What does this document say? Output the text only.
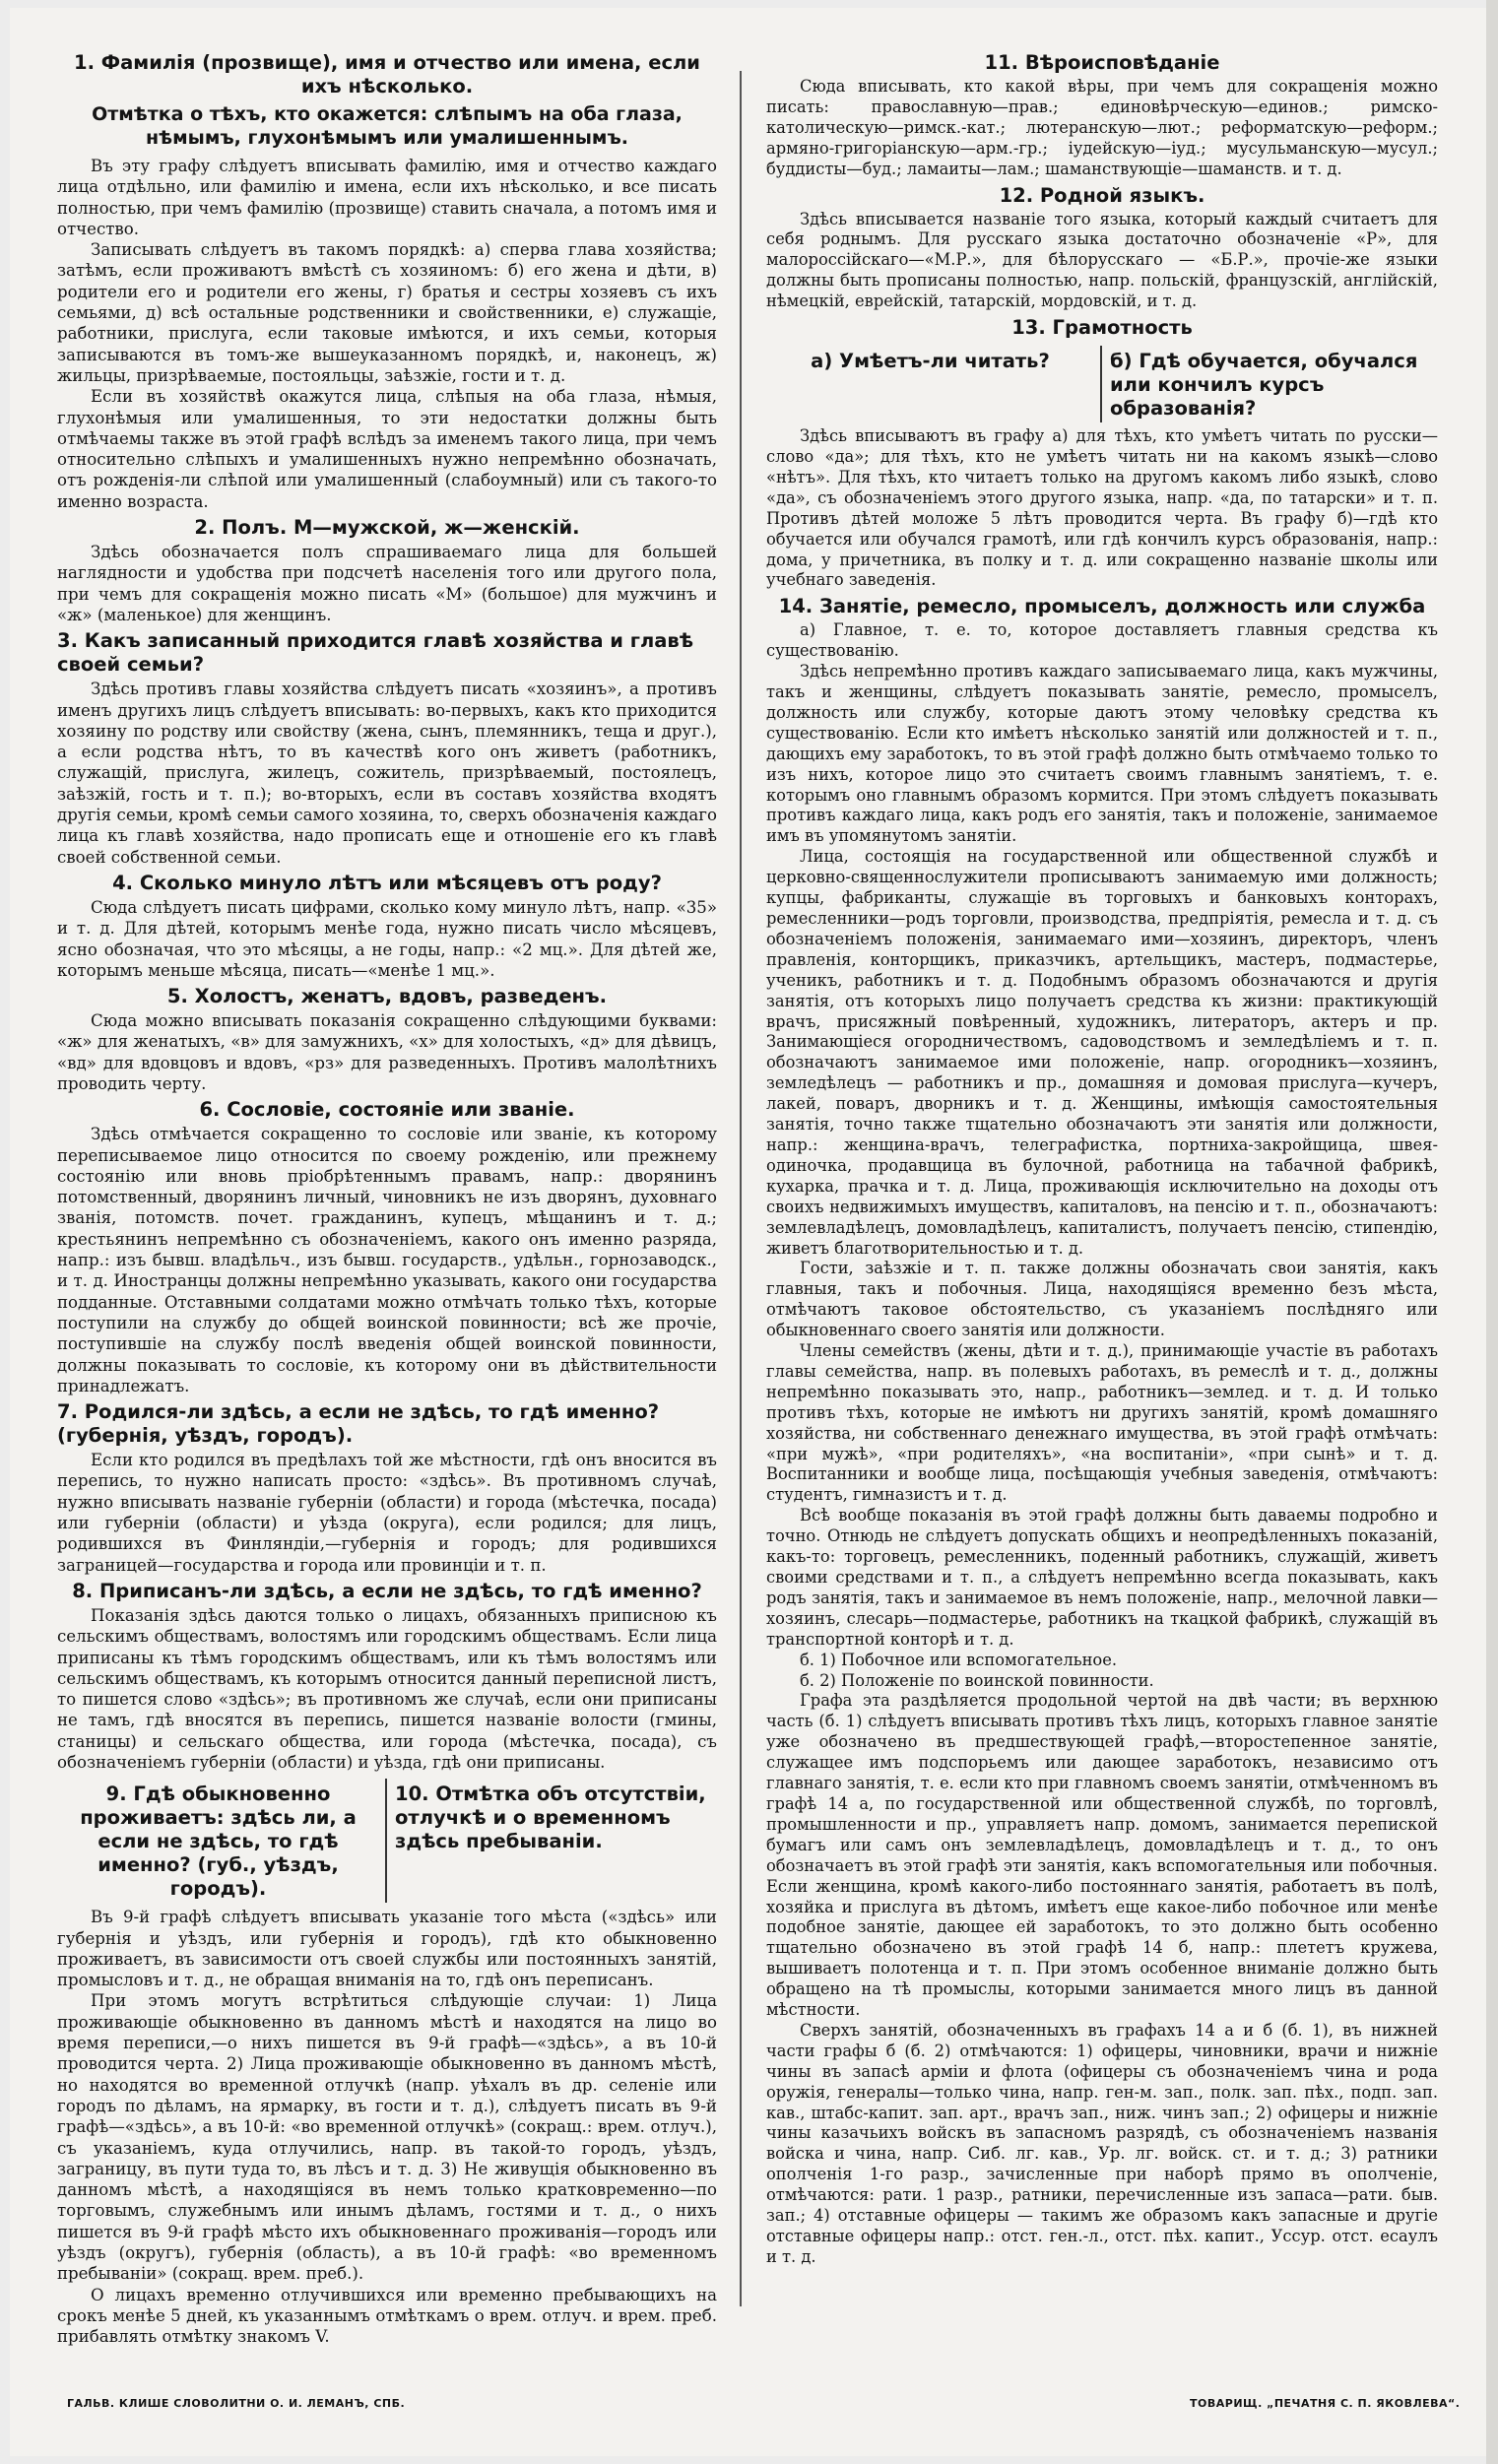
1. Фамилія (прозвище), имя и отчество или имена, если ихъ нѣсколько.
Отмѣтка о тѣхъ, кто окажется: слѣпымъ на оба глаза, нѣмымъ, глухонѣмымъ или умалишеннымъ.

Въ эту графу слѣдуетъ вписывать фамилію, имя и отчество каждаго лица отдѣльно, или фамилію и имена, если ихъ нѣсколько, и все писать полностью, при чемъ фамилію (прозвище) ставить сначала, а потомъ имя и отчество.

Записывать слѣдуетъ въ такомъ порядкѣ: а) сперва глава хозяйства; затѣмъ, если проживаютъ вмѣстѣ съ хозяиномъ: б) его жена и дѣти, в) родители его и родители его жены, г) братья и сестры хозяевъ съ ихъ семьями, д) всѣ остальные родственники и свойственники, е) служащіе, работники, прислуга, если таковые имѣются, и ихъ семьи, которыя записываются въ томъ-же вышеуказанномъ порядкѣ, и, наконецъ, ж) жильцы, призрѣваемые, постояльцы, заѣзжіе, гости и т. д.

Если въ хозяйствѣ окажутся лица, слѣпыя на оба глаза, нѣмыя, глухонѣмыя или умалишенныя, то эти недостатки должны быть отмѣчаемы также въ этой графѣ вслѣдъ за именемъ такого лица, при чемъ относительно слѣпыхъ и умалишенныхъ нужно непремѣнно обозначать, отъ рожденія-ли слѣпой или умалишенный (слабоумный) или съ такого-то именно возраста.

2. Полъ. М—мужской, ж—женскій.

Здѣсь обозначается полъ спрашиваемаго лица для большей наглядности и удобства при подсчетѣ населенія того или другого пола, при чемъ для сокращенія можно писать «М» (большое) для мужчинъ и «ж» (маленькое) для женщинъ.

3. Какъ записанный приходится главѣ хозяйства и главѣ своей семьи?

Здѣсь противъ главы хозяйства слѣдуетъ писать «хозяинъ», а противъ именъ другихъ лицъ слѣдуетъ вписывать: во-первыхъ, какъ кто приходится хозяину по родству или свойству (жена, сынъ, племянникъ, теща и друг.), а если родства нѣтъ, то въ качествѣ кого онъ живетъ (работникъ, служащій, прислуга, жилецъ, сожитель, призрѣваемый, постоялецъ, заѣзжій, гость и т. п.); во-вторыхъ, если въ составъ хозяйства входятъ другія семьи, кромѣ семьи самого хозяина, то, сверхъ обозначенія каждаго лица къ главѣ хозяйства, надо прописать еще и отношеніе его къ главѣ своей собственной семьи.

4. Сколько минуло лѣтъ или мѣсяцевъ отъ роду?

Сюда слѣдуетъ писать цифрами, сколько кому минуло лѣтъ, напр. «35» и т. д. Для дѣтей, которымъ менѣе года, нужно писать число мѣсяцевъ, ясно обозначая, что это мѣсяцы, а не годы, напр.: «2 мц.». Для дѣтей же, которымъ меньше мѣсяца, писать—«менѣе 1 мц.».

5. Холостъ, женатъ, вдовъ, разведенъ.

Сюда можно вписывать показанія сокращенно слѣдующими буквами: «ж» для женатыхъ, «в» для замужнихъ, «х» для холостыхъ, «д» для дѣвицъ, «вд» для вдовцовъ и вдовъ, «рз» для разведенныхъ. Противъ малолѣтнихъ проводить черту.

6. Сословіе, состояніе или званіе.

Здѣсь отмѣчается сокращенно то сословіе или званіе, къ которому переписываемое лицо относится по своему рожденію, или прежнему состоянію или вновь пріобрѣтеннымъ правамъ, напр.: дворянинъ потомственный, дворянинъ личный, чиновникъ не изъ дворянъ, духовнаго званія, потомств. почет. гражданинъ, купецъ, мѣщанинъ и т. д.; крестьянинъ непремѣнно съ обозначеніемъ, какого онъ именно разряда, напр.: изъ бывш. владѣльч., изъ бывш. государств., удѣльн., горнозаводск., и т. д. Иностранцы должны непремѣнно указывать, какого они государства подданные. Отставными солдатами можно отмѣчать только тѣхъ, которые поступили на службу до общей воинской повинности; всѣ же прочіе, поступившіе на службу послѣ введенія общей воинской повинности, должны показывать то сословіе, къ которому они въ дѣйствительности принадлежатъ.

7. Родился-ли здѣсь, а если не здѣсь, то гдѣ именно? (губернія, уѣздъ, городъ).

Если кто родился въ предѣлахъ той же мѣстности, гдѣ онъ вносится въ перепись, то нужно написать просто: «здѣсь». Въ противномъ случаѣ, нужно вписывать названіе губерніи (области) и города (мѣстечка, посада) или губерніи (области) и уѣзда (округа), если родился; для лицъ, родившихся въ Финляндіи,—губернія и городъ; для родившихся заграницей—государства и города или провинціи и т. п.

8. Приписанъ-ли здѣсь, а если не здѣсь, то гдѣ именно?

Показанія здѣсь даются только о лицахъ, обязанныхъ приписною къ сельскимъ обществамъ, волостямъ или городскимъ обществамъ. Если лица приписаны къ тѣмъ городскимъ обществамъ, или къ тѣмъ волостямъ или сельскимъ обществамъ, къ которымъ относится данный переписной листъ, то пишется слово «здѣсь»; въ противномъ же случаѣ, если они приписаны не тамъ, гдѣ вносятся въ перепись, пишется названіе волости (гмины, станицы) и сельскаго общества, или города (мѣстечка, посада), съ обозначеніемъ губерніи (области) и уѣзда, гдѣ они приписаны.

9. Гдѣ обыкновенно проживаетъ: здѣсь ли, а если не здѣсь, то гдѣ именно? (губ., уѣздъ, городъ).
10. Отмѣтка объ отсутствіи, отлучкѣ и о временномъ здѣсь пребываніи.

Въ 9-й графѣ слѣдуетъ вписывать указаніе того мѣста («здѣсь» или губернія и уѣздъ, или губернія и городъ), гдѣ кто обыкновенно проживаетъ, въ зависимости отъ своей службы или постоянныхъ занятій, промысловъ и т. д., не обращая вниманія на то, гдѣ онъ переписанъ.

При этомъ могутъ встрѣтиться слѣдующіе случаи: 1) Лица проживающіе обыкновенно въ данномъ мѣстѣ и находятся на лицо во время переписи,—о нихъ пишется въ 9-й графѣ—«здѣсь», а въ 10-й проводится черта. 2) Лица проживающіе обыкновенно въ данномъ мѣстѣ, но находятся во временной отлучкѣ (напр. уѣхалъ въ др. селеніе или городъ по дѣламъ, на ярмарку, въ гости и т. д.), слѣдуетъ писать въ 9-й графѣ—«здѣсь», а въ 10-й: «во временной отлучкѣ» (сокращ.: врем. отлуч.), съ указаніемъ, куда отлучились, напр. въ такой-то городъ, уѣздъ, заграницу, въ пути туда то, въ лѣсъ и т. д. 3) Не живущія обыкновенно въ данномъ мѣстѣ, а находящіяся въ немъ только кратковременно—по торговымъ, служебнымъ или инымъ дѣламъ, гостями и т. д., о нихъ пишется въ 9-й графѣ мѣсто ихъ обыкновеннаго проживанія—городъ или уѣздъ (округъ), губернія (область), а въ 10-й графѣ: «во временномъ пребываніи» (сокращ. врем. преб.).

О лицахъ временно отлучившихся или временно пребывающихъ на срокъ менѣе 5 дней, къ указаннымъ отмѣткамъ о врем. отлуч. и врем. преб. прибавлять отмѣтку знакомъ V.

11. Вѣроисповѣданіе

Сюда вписывать, кто какой вѣры, при чемъ для сокращенія можно писать: православную—прав.; единовѣрческую—единов.; римско-католическую—римск.-кат.; лютеранскую—лют.; реформатскую—реформ.; армяно-григоріанскую—арм.-гр.; іудейскую—іуд.; мусульманскую—мусул.; буддисты—буд.; ламаиты—лам.; шаманствующіе—шаманств. и т. д.

12. Родной языкъ.

Здѣсь вписывается названіе того языка, который каждый считаетъ для себя роднымъ. Для русскаго языка достаточно обозначеніе «Р», для малороссійскаго—«М.Р.», для бѣлорусскаго — «Б.Р.», прочіе-же языки должны быть прописаны полностью, напр. польскій, французскій, англійскій, нѣмецкій, еврейскій, татарскій, мордовскій, и т. д.

13. Грамотность
а) Умѣетъ-ли читать?	б) Гдѣ обучается, обучался или кончилъ курсъ образованія?

Здѣсь вписываютъ въ графу а) для тѣхъ, кто умѣетъ читать по русски—слово «да»; для тѣхъ, кто не умѣетъ читать ни на какомъ языкѣ—слово «нѣтъ». Для тѣхъ, кто читаетъ только на другомъ какомъ либо языкѣ, слово «да», съ обозначеніемъ этого другого языка, напр. «да, по татарски» и т. п. Противъ дѣтей моложе 5 лѣтъ проводится черта. Въ графу б)—гдѣ кто обучается или обучался грамотѣ, или гдѣ кончилъ курсъ образованія, напр.: дома, у причетника, въ полку и т. д. или сокращенно названіе школы или учебнаго заведенія.

14. Занятіе, ремесло, промыселъ, должность или служба

а) Главное, т. е. то, которое доставляетъ главныя средства къ существованію.

Здѣсь непремѣнно противъ каждаго записываемаго лица, какъ мужчины, такъ и женщины, слѣдуетъ показывать занятіе, ремесло, промыселъ, должность или службу, которые даютъ этому человѣку средства къ существованію. Если кто имѣетъ нѣсколько занятій или должностей и т. п., дающихъ ему заработокъ, то въ этой графѣ должно быть отмѣчаемо только то изъ нихъ, которое лицо это считаетъ своимъ главнымъ занятіемъ, т. е. которымъ оно главнымъ образомъ кормится. При этомъ слѣдуетъ показывать противъ каждаго лица, какъ родъ его занятія, такъ и положеніе, занимаемое имъ въ упомянутомъ занятіи.

Лица, состоящія на государственной или общественной службѣ и церковно-священнослужители прописываютъ занимаемую ими должность; купцы, фабриканты, служащіе въ торговыхъ и банковыхъ конторахъ, ремесленники—родъ торговли, производства, предпріятія, ремесла и т. д. съ обозначеніемъ положенія, занимаемаго ими—хозяинъ, директоръ, членъ правленія, конторщикъ, приказчикъ, артельщикъ, мастеръ, подмастерье, ученикъ, работникъ и т. д. Подобнымъ образомъ обозначаются и другія занятія, отъ которыхъ лицо получаетъ средства къ жизни: практикующій врачъ, присяжный повѣренный, художникъ, литераторъ, актеръ и пр. Занимающіеся огородничествомъ, садоводствомъ и земледѣліемъ и т. п. обозначаютъ занимаемое ими положеніе, напр. огородникъ—хозяинъ, земледѣлецъ — работникъ и пр., домашняя и домовая прислуга—кучеръ, лакей, поваръ, дворникъ и т. д. Женщины, имѣющія самостоятельныя занятія, точно также тщательно обозначаютъ эти занятія или должности, напр.: женщина-врачъ, телеграфистка, портниха-закройщица, швея-одиночка, продавщица въ булочной, работница на табачной фабрикѣ, кухарка, прачка и т. д. Лица, проживающія исключительно на доходы отъ своихъ недвижимыхъ имуществъ, капиталовъ, на пенсію и т. п., обозначаютъ: землевладѣлецъ, домовладѣлецъ, капиталистъ, получаетъ пенсію, стипендію, живетъ благотворительностью и т. д.

Гости, заѣзжіе и т. п. также должны обозначать свои занятія, какъ главныя, такъ и побочныя. Лица, находящіяся временно безъ мѣста, отмѣчаютъ таковое обстоятельство, съ указаніемъ послѣдняго или обыкновеннаго своего занятія или должности.

Члены семействъ (жены, дѣти и т. д.), принимающіе участіе въ работахъ главы семейства, напр. въ полевыхъ работахъ, въ ремеслѣ и т. д., должны непремѣнно показывать это, напр., работникъ—землед. и т. д. И только противъ тѣхъ, которые не имѣютъ ни другихъ занятій, кромѣ домашняго хозяйства, ни собственнаго денежнаго имущества, въ этой графѣ отмѣчать: «при мужѣ», «при родителяхъ», «на воспитаніи», «при сынѣ» и т. д. Воспитанники и вообще лица, посѣщающія учебныя заведенія, отмѣчаютъ: студентъ, гимназистъ и т. д.

Всѣ вообще показанія въ этой графѣ должны быть даваемы подробно и точно. Отнюдь не слѣдуетъ допускать общихъ и неопредѣленныхъ показаній, какъ-то: торговецъ, ремесленникъ, поденный работникъ, служащій, живетъ своими средствами и т. п., а слѣдуетъ непремѣнно всегда показывать, какъ родъ занятія, такъ и занимаемое въ немъ положеніе, напр., мелочной лавки—хозяинъ, слесарь—подмастерье, работникъ на ткацкой фабрикѣ, служащій въ транспортной конторѣ и т. д.

б. 1) Побочное или вспомогательное.

б. 2) Положеніе по воинской повинности.

Графа эта раздѣляется продольной чертой на двѣ части; въ верхнюю часть (б. 1) слѣдуетъ вписывать противъ тѣхъ лицъ, которыхъ главное занятіе уже обозначено въ предшествующей графѣ,—второстепенное занятіе, служащее имъ подспорьемъ или дающее заработокъ, независимо отъ главнаго занятія, т. е. если кто при главномъ своемъ занятіи, отмѣченномъ въ графѣ 14 а, по государственной или общественной службѣ, по торговлѣ, промышленности и пр., управляетъ напр. домомъ, занимается перепиской бумагъ или самъ онъ землевладѣлецъ, домовладѣлецъ и т. д., то онъ обозначаетъ въ этой графѣ эти занятія, какъ вспомогательныя или побочныя. Если женщина, кромѣ какого-либо постояннаго занятія, работаетъ въ полѣ, хозяйка и прислуга въ дѣтомъ, имѣетъ еще какое-либо побочное или менѣе подобное занятіе, дающее ей заработокъ, то это должно быть особенно тщательно обозначено въ этой графѣ 14 б, напр.: плететъ кружева, вышиваетъ полотенца и т. п. При этомъ особенное вниманіе должно быть обращено на тѣ промыслы, которыми занимается много лицъ въ данной мѣстности.

Сверхъ занятій, обозначенныхъ въ графахъ 14 а и б (б. 1), въ нижней части графы б (б. 2) отмѣчаются: 1) офицеры, чиновники, врачи и нижніе чины въ запасѣ арміи и флота (офицеры съ обозначеніемъ чина и рода оружія, генералы—только чина, напр. ген-м. зап., полк. зап. пѣх., подп. зап. кав., штабс-капит. зап. арт., врачъ зап., ниж. чинъ зап.; 2) офицеры и нижніе чины казачьихъ войскъ въ запасномъ разрядѣ, съ обозначеніемъ названія войска и чина, напр. Сиб. лг. кав., Ур. лг. войск. ст. и т. д.; 3) ратники ополченія 1-го разр., зачисленные при наборѣ прямо въ ополченіе, отмѣчаются: рати. 1 разр., ратники, перечисленные изъ запаса—рати. быв. зап.; 4) отставные офицеры — такимъ же образомъ какъ запасные и другіе отставные офицеры напр.: отст. ген.-л., отст. пѣх. капит., Уссур. отст. есаулъ и т. д.

ГАЛЬВ. КЛИШЕ СЛОВОЛИТНИ О. И. ЛЕМАНЪ, СПБ.	ТОВАРИЩ. „ПЕЧАТНЯ С. П. ЯКОВЛЕВА“.
